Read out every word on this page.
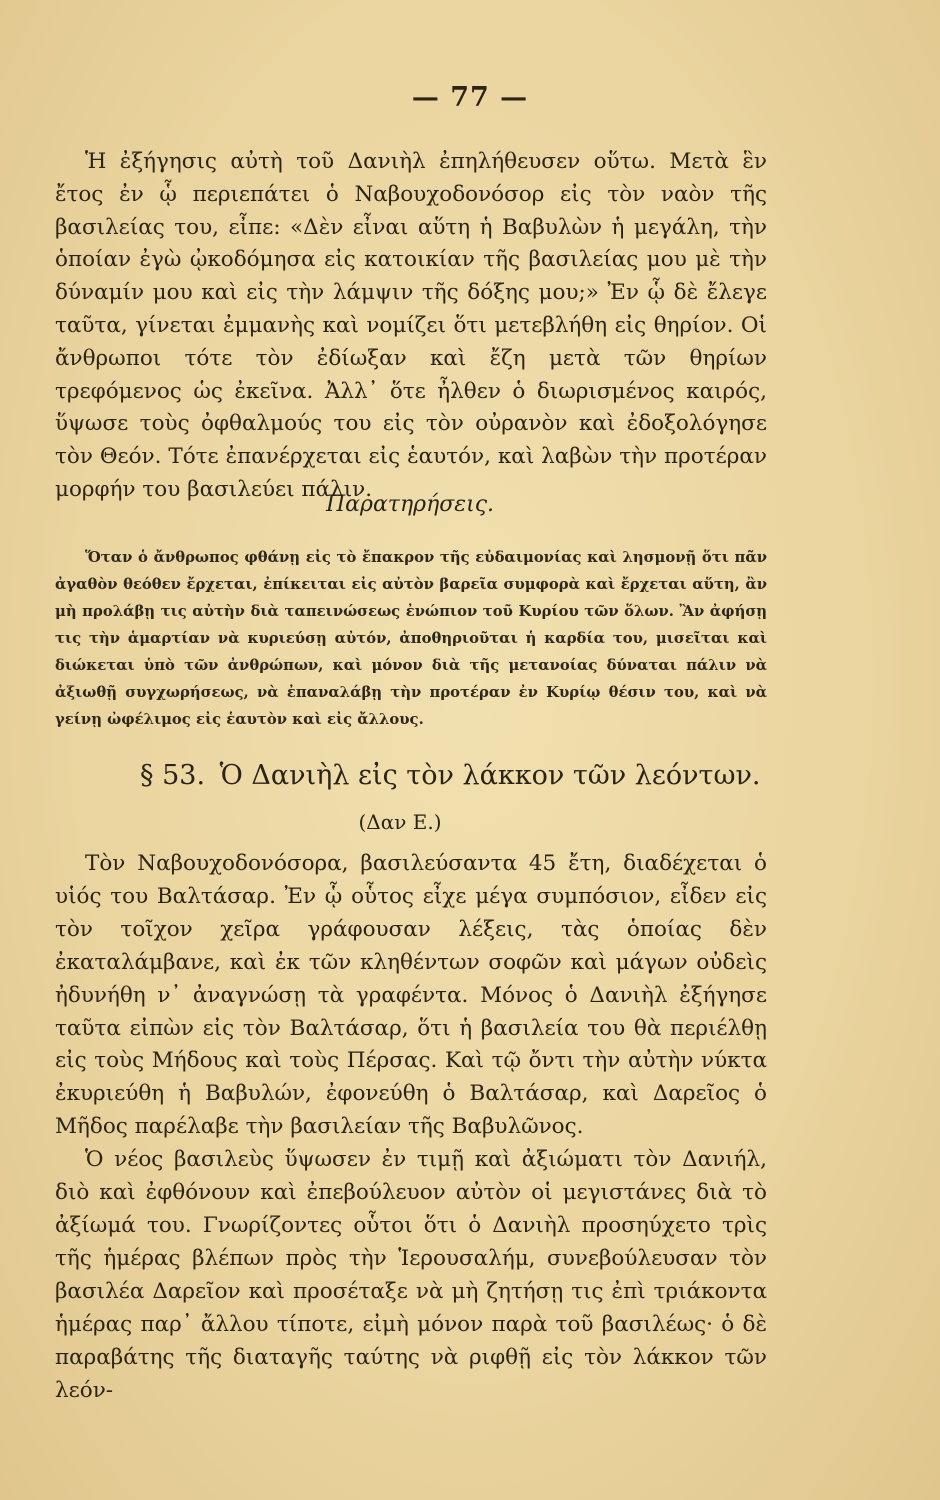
— 77 —

Ἡ ἐξήγησις αὐτὴ τοῦ Δανιὴλ ἐπηλήθευσεν οὕτω. Μετὰ ἓν ἔτος ἐν ᾧ περιεπάτει ὁ Ναβουχοδονόσορ εἰς τὸν ναὸν τῆς βασιλείας του, εἶπε: «Δὲν εἶναι αὕτη ἡ Βαβυλὼν ἡ μεγάλη, τὴν ὁποίαν ἐγὼ ᾠκοδόμησα εἰς κατοικίαν τῆς βασιλείας μου μὲ τὴν δύναμίν μου καὶ εἰς τὴν λάμψιν τῆς δόξης μου;» Ἐν ᾧ δὲ ἔλεγε ταῦτα, γίνεται ἐμμανὴς καὶ νομίζει ὅτι μετεβλήθη εἰς θηρίον. Οἱ ἄνθρωποι τότε τὸν ἐδίωξαν καὶ ἔζη μετὰ τῶν θηρίων τρεφόμενος ὡς ἐκεῖνα. Ἀλλ᾽ ὅτε ἦλθεν ὁ διωρισμένος καιρός, ὕψωσε τοὺς ὀφθαλμούς του εἰς τὸν οὐρανὸν καὶ ἐδοξολόγησε τὸν Θεόν. Τότε ἐπανέρχεται εἰς ἑαυτόν, καὶ λαβὼν τὴν προτέραν μορφήν του βασιλεύει πάλιν.

Παρατηρήσεις.

Ὅταν ὁ ἄνθρωπος φθάνῃ εἰς τὸ ἔπακρον τῆς εὐδαιμονίας καὶ λησμονῇ ὅτι πᾶν ἀγαθὸν θεόθεν ἔρχεται, ἐπίκειται εἰς αὐτὸν βαρεῖα συμφορὰ καὶ ἔρχεται αὕτη, ἂν μὴ προλάβῃ τις αὐτὴν διὰ ταπεινώσεως ἐνώπιον τοῦ Κυρίου τῶν ὅλων. Ἂν ἀφήσῃ τις τὴν ἁμαρτίαν νὰ κυριεύσῃ αὐτόν, ἀποθηριοῦται ἡ καρδία του, μισεῖται καὶ διώκεται ὑπὸ τῶν ἀνθρώπων, καὶ μόνον διὰ τῆς μετανοίας δύναται πάλιν νὰ ἀξιωθῇ συγχωρήσεως, νὰ ἐπαναλάβῃ τὴν προτέραν ἐν Κυρίῳ θέσιν του, καὶ νὰ γείνῃ ὠφέλιμος εἰς ἑαυτὸν καὶ εἰς ἄλλους.

§ 53. Ὁ Δανιὴλ εἰς τὸν λάκκον τῶν λεόντων.
(Δαν Ε.)

Τὸν Ναβουχοδονόσορα, βασιλεύσαντα 45 ἔτη, διαδέχεται ὁ υἱός του Βαλτάσαρ. Ἐν ᾧ οὗτος εἶχε μέγα συμπόσιον, εἶδεν εἰς τὸν τοῖχον χεῖρα γράφουσαν λέξεις, τὰς ὁποίας δὲν ἐκαταλάμβανε, καὶ ἐκ τῶν κληθέντων σοφῶν καὶ μάγων οὐδεὶς ἠδυνήθη ν᾽ ἀναγνώσῃ τὰ γραφέντα. Μόνος ὁ Δανιὴλ ἐξήγησε ταῦτα εἰπὼν εἰς τὸν Βαλτάσαρ, ὅτι ἡ βασιλεία του θὰ περιέλθῃ εἰς τοὺς Μήδους καὶ τοὺς Πέρσας. Καὶ τῷ ὄντι τὴν αὐτὴν νύκτα ἐκυριεύθη ἡ Βαβυλών, ἐφονεύθη ὁ Βαλτάσαρ, καὶ Δαρεῖος ὁ Μῆδος παρέλαβε τὴν βασιλείαν τῆς Βαβυλῶνος.

Ὁ νέος βασιλεὺς ὕψωσεν ἐν τιμῇ καὶ ἀξιώματι τὸν Δανιήλ, διὸ καὶ ἐφθόνουν καὶ ἐπεβούλευον αὐτὸν οἱ μεγιστάνες διὰ τὸ ἀξίωμά του. Γνωρίζοντες οὗτοι ὅτι ὁ Δανιὴλ προσηύχετο τρὶς τῆς ἡμέρας βλέπων πρὸς τὴν Ἱερουσαλήμ, συνεβούλευσαν τὸν βασιλέα Δαρεῖον καὶ προσέταξε νὰ μὴ ζητήσῃ τις ἐπὶ τριάκοντα ἡμέρας παρ᾽ ἄλλου τίποτε, εἰμὴ μόνον παρὰ τοῦ βασιλέως· ὁ δὲ παραβάτης τῆς διαταγῆς ταύτης νὰ ριφθῇ εἰς τὸν λάκκον τῶν λεόν-
